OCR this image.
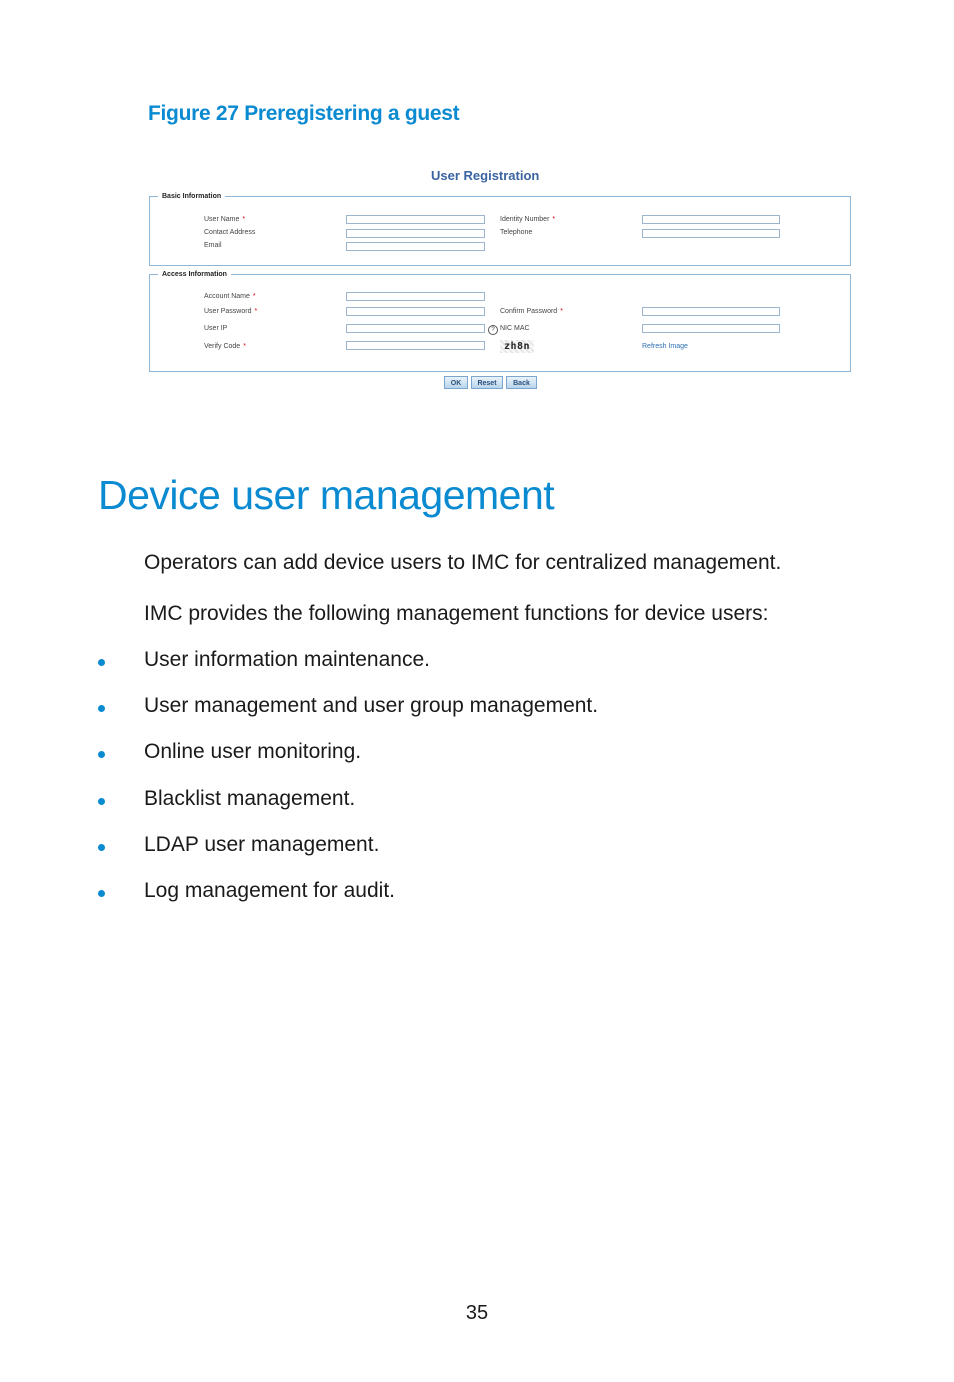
Figure 27 Preregistering a guest
User Registration
Basic Information
Access Information
User Name *	Identity Number *
Contact Address	Telephone
Email
Account Name *
User Password *	Confirm Password *
User IP	? NIC MAC
Verify Code *	zh8n	Refresh Image
OK	Reset	Back
Device user management
Operators can add device users to IMC for centralized management.
IMC provides the following management functions for device users:
User information maintenance.
User management and user group management.
Online user monitoring.
Blacklist management.
LDAP user management.
Log management for audit.
35
